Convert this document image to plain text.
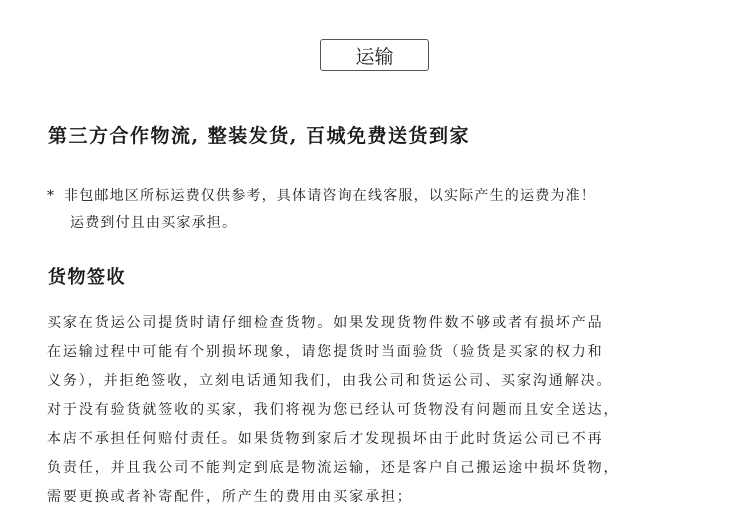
运输
第三方合作物流, 整装发货, 百城免费送货到家
* 非包邮地区所标运费仅供参考，具体请咨询在线客服，以实际产生的运费为准！
运费到付且由买家承担。
货物签收
买家在货运公司提货时请仔细检查货物。如果发现货物件数不够或者有损坏产品
在运输过程中可能有个别损坏现象，请您提货时当面验货（验货是买家的权力和
义务），并拒绝签收，立刻电话通知我们，由我公司和货运公司、买家沟通解决。
对于没有验货就签收的买家，我们将视为您已经认可货物没有问题而且安全送达，
本店不承担任何赔付责任。如果货物到家后才发现损坏由于此时货运公司已不再
负责任，并且我公司不能判定到底是物流运输，还是客户自己搬运途中损坏货物，
需要更换或者补寄配件，所产生的费用由买家承担；
